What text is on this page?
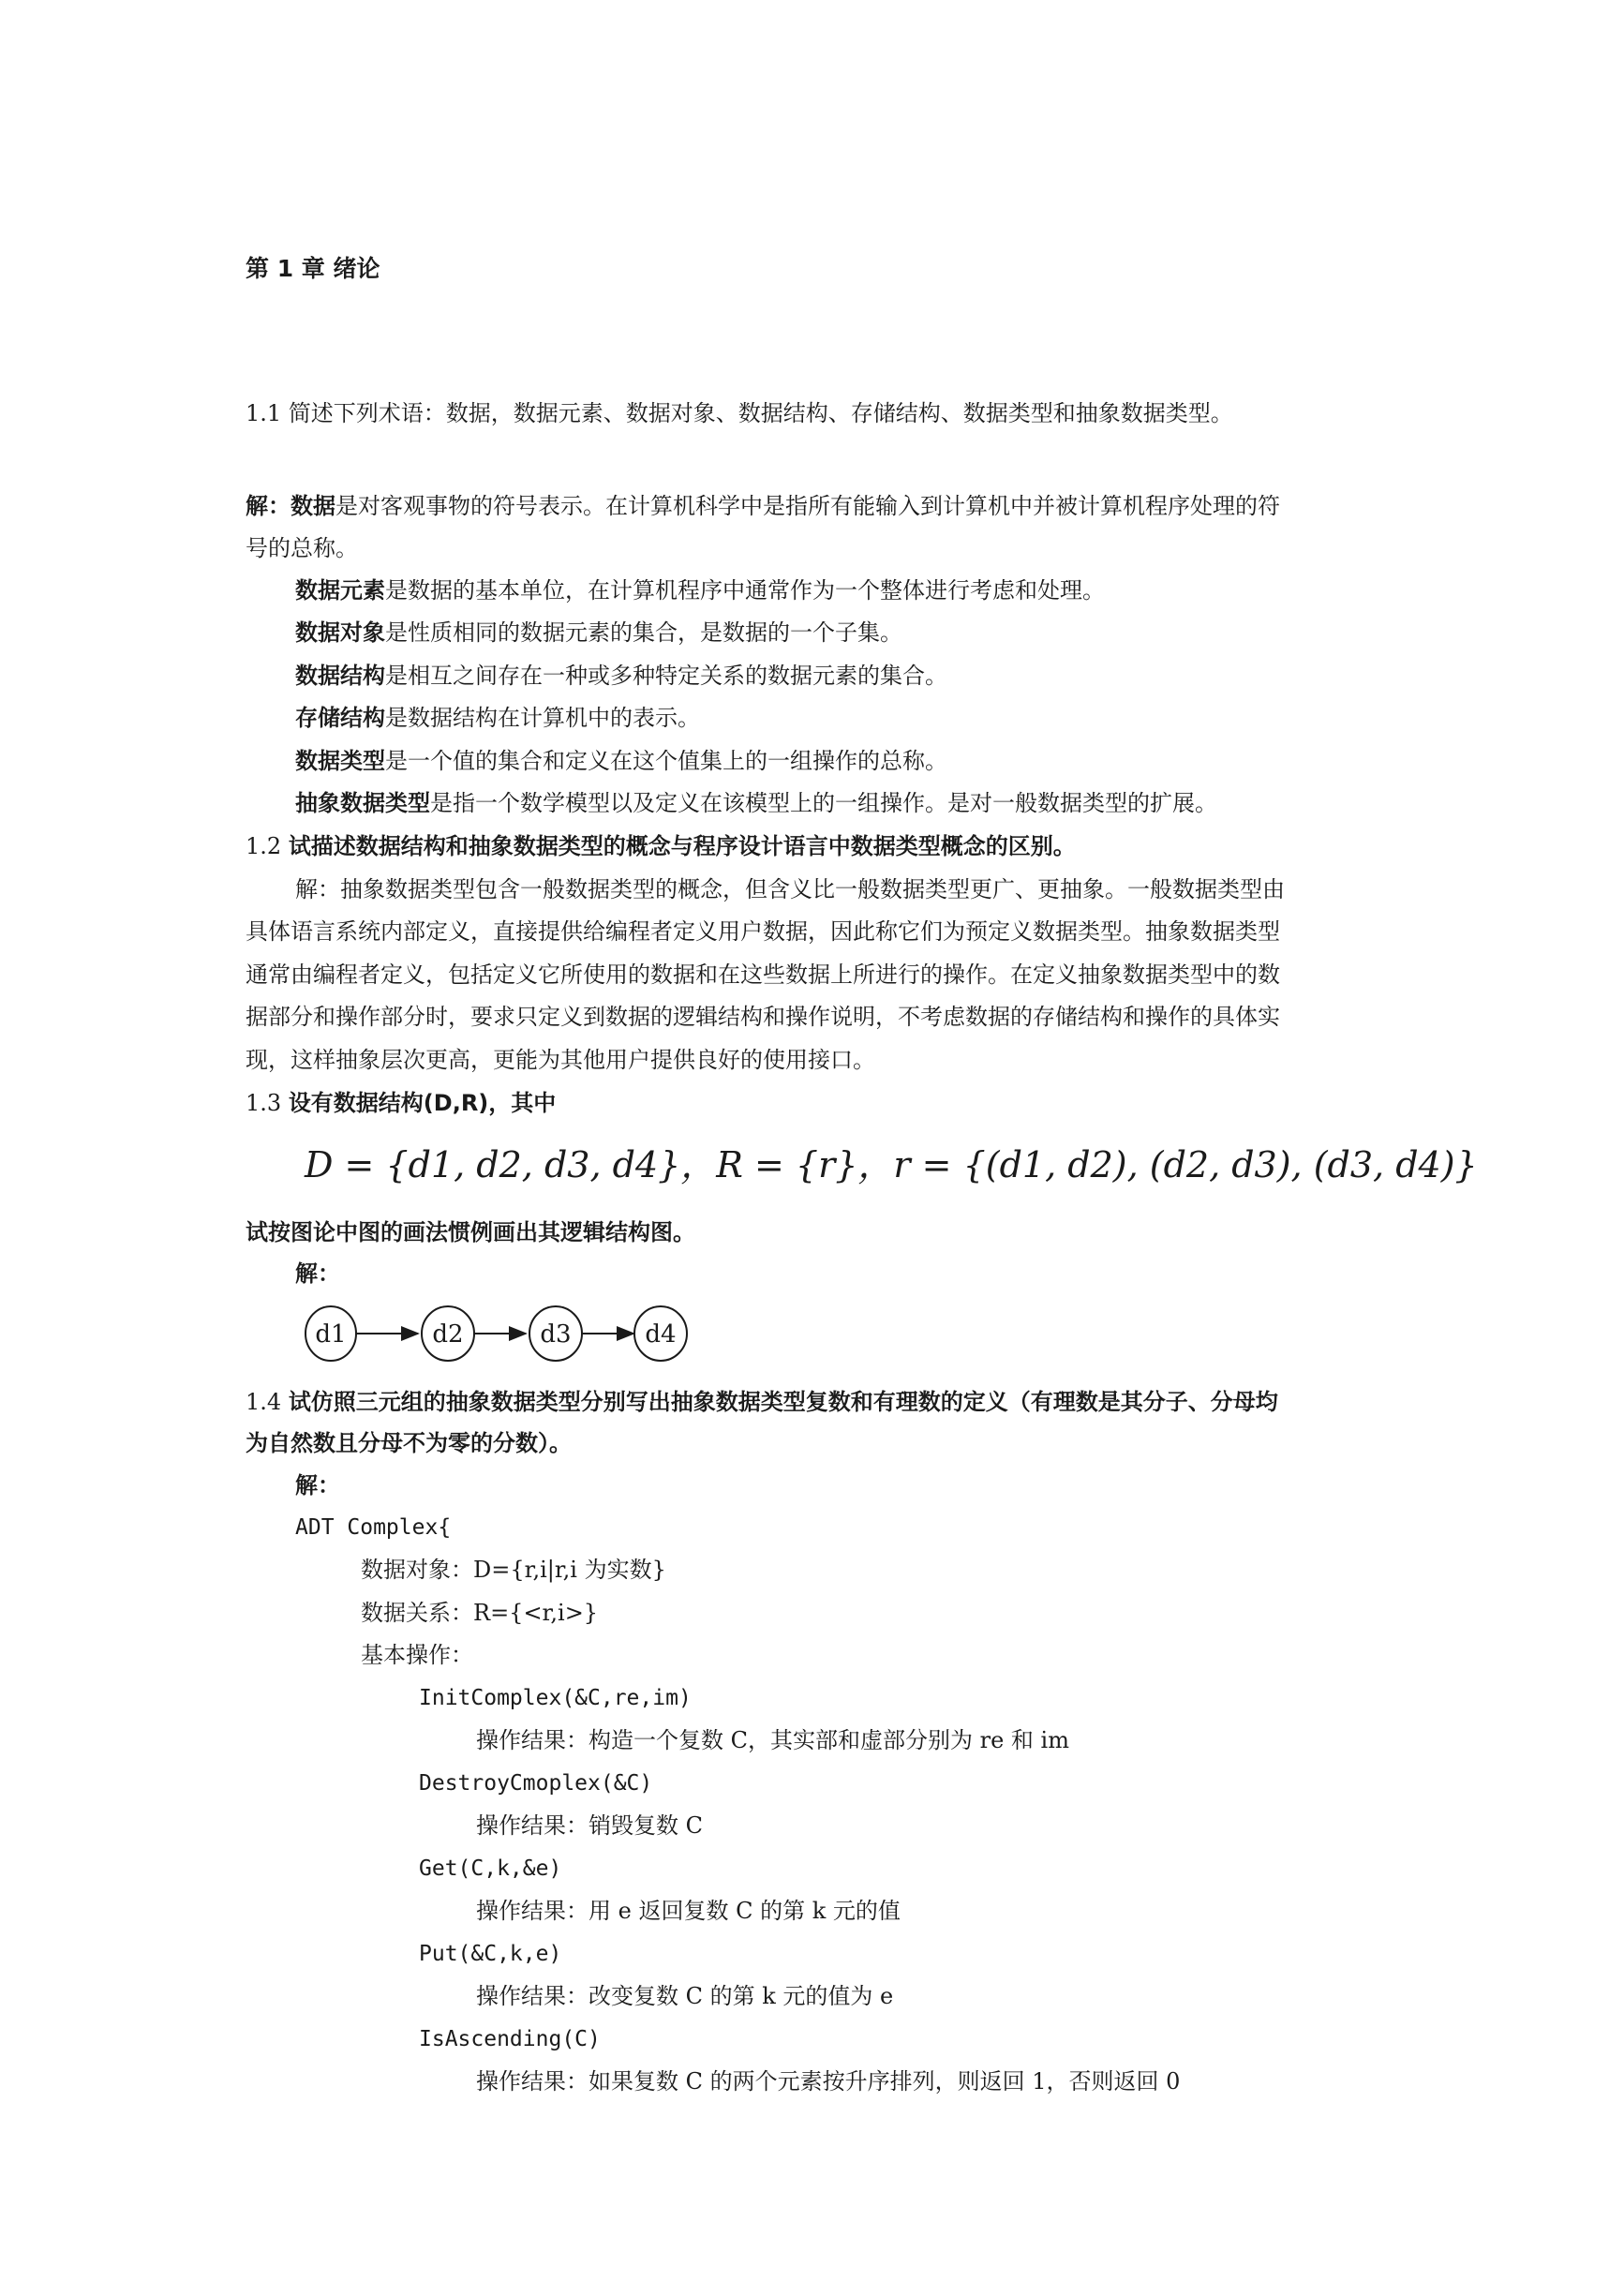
第 1 章 绪论
1.1 简述下列术语：数据，数据元素、数据对象、数据结构、存储结构、数据类型和抽象数据类型。
解：数据是对客观事物的符号表示。在计算机科学中是指所有能输入到计算机中并被计算机程序处理的符
号的总称。
数据元素是数据的基本单位，在计算机程序中通常作为一个整体进行考虑和处理。
数据对象是性质相同的数据元素的集合，是数据的一个子集。
数据结构是相互之间存在一种或多种特定关系的数据元素的集合。
存储结构是数据结构在计算机中的表示。
数据类型是一个值的集合和定义在这个值集上的一组操作的总称。
抽象数据类型是指一个数学模型以及定义在该模型上的一组操作。是对一般数据类型的扩展。
1.2 试描述数据结构和抽象数据类型的概念与程序设计语言中数据类型概念的区别。
解：抽象数据类型包含一般数据类型的概念，但含义比一般数据类型更广、更抽象。一般数据类型由
具体语言系统内部定义，直接提供给编程者定义用户数据，因此称它们为预定义数据类型。抽象数据类型
通常由编程者定义，包括定义它所使用的数据和在这些数据上所进行的操作。在定义抽象数据类型中的数
据部分和操作部分时，要求只定义到数据的逻辑结构和操作说明，不考虑数据的存储结构和操作的具体实
现，这样抽象层次更高，更能为其他用户提供良好的使用接口。
1.3 设有数据结构(D,R)，其中
D = {d1, d2, d3, d4}，R = {r}，r = {(d1, d2), (d2, d3), (d3, d4)}
试按图论中图的画法惯例画出其逻辑结构图。
解：
d1	d2	d3	d4
1.4 试仿照三元组的抽象数据类型分别写出抽象数据类型复数和有理数的定义（有理数是其分子、分母均
为自然数且分母不为零的分数）。
解：
ADT Complex{
数据对象：D={r,i|r,i 为实数}
数据关系：R={<r,i>}
基本操作：
InitComplex(&C,re,im)
操作结果：构造一个复数 C，其实部和虚部分别为 re 和 im
DestroyCmoplex(&C)
操作结果：销毁复数 C
Get(C,k,&e)
操作结果：用 e 返回复数 C 的第 k 元的值
Put(&C,k,e)
操作结果：改变复数 C 的第 k 元的值为 e
IsAscending(C)
操作结果：如果复数 C 的两个元素按升序排列，则返回 1，否则返回 0
